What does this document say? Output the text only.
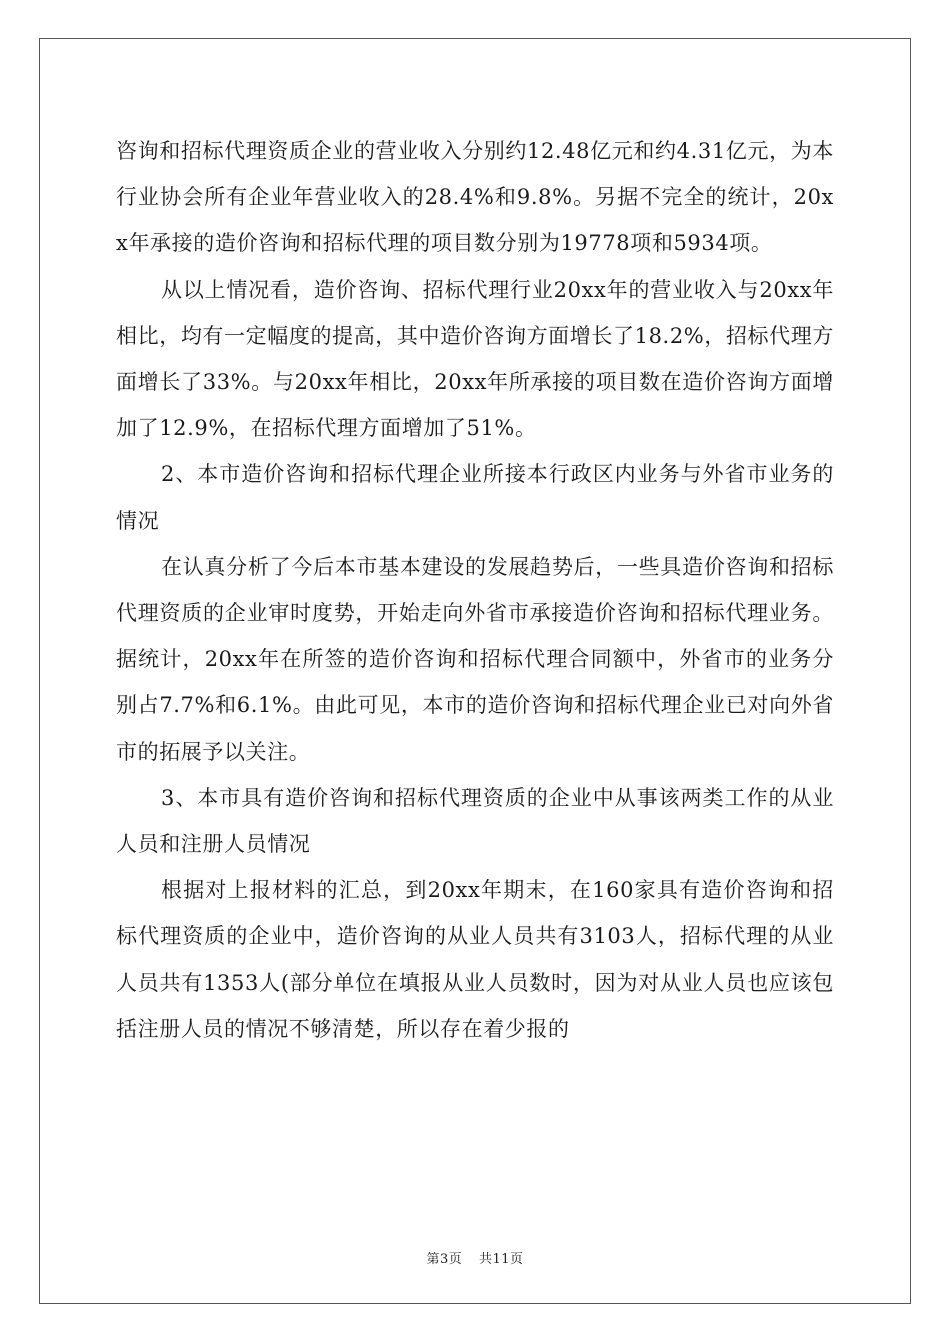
咨询和招标代理资质企业的营业收入分别约12.48亿元和约4.31亿元，为本行业协会所有企业年营业收入的28.4%和9.8%。另据不完全的统计，20xx年承接的造价咨询和招标代理的项目数分别为19778项和5934项。

从以上情况看，造价咨询、招标代理行业20xx年的营业收入与20xx年相比，均有一定幅度的提高，其中造价咨询方面增长了18.2%，招标代理方面增长了33%。与20xx年相比，20xx年所承接的项目数在造价咨询方面增加了12.9%，在招标代理方面增加了51%。

2、本市造价咨询和招标代理企业所接本行政区内业务与外省市业务的情况

在认真分析了今后本市基本建设的发展趋势后，一些具造价咨询和招标代理资质的企业审时度势，开始走向外省市承接造价咨询和招标代理业务。据统计，20xx年在所签的造价咨询和招标代理合同额中，外省市的业务分别占7.7%和6.1%。由此可见，本市的造价咨询和招标代理企业已对向外省市的拓展予以关注。

3、本市具有造价咨询和招标代理资质的企业中从事该两类工作的从业人员和注册人员情况

根据对上报材料的汇总，到20xx年期末，在160家具有造价咨询和招标代理资质的企业中，造价咨询的从业人员共有3103人，招标代理的从业人员共有1353人(部分单位在填报从业人员数时，因为对从业人员也应该包括注册人员的情况不够清楚，所以存在着少报的

第3页 共11页
